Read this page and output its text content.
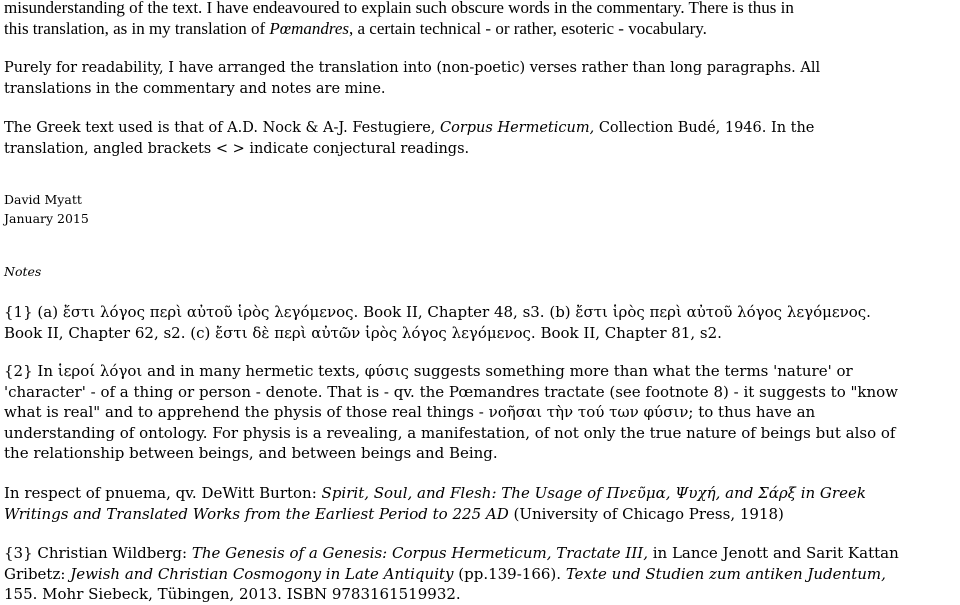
misunderstanding of the text. I have endeavoured to explain such obscure words in the commentary. There is thus in
this translation, as in my translation of Pœmandres, a certain technical - or rather, esoteric - vocabulary.
Purely for readability, I have arranged the translation into (non-poetic) verses rather than long paragraphs. All
translations in the commentary and notes are mine.
The Greek text used is that of A.D. Nock & A-J. Festugiere, Corpus Hermeticum, Collection Budé, 1946. In the
translation, angled brackets < > indicate conjectural readings.
David Myatt
January 2015
Notes
{1} (a) ἔστι λόγος περὶ αὐτοῦ ἱρὸς λεγόμενος. Book II, Chapter 48, s3. (b) ἔστι ἱρὸς περὶ αὐτοῦ λόγος λεγόμενος.
Book II, Chapter 62, s2. (c) ἔστι δὲ περὶ αὐτῶν ἱρὸς λόγος λεγόμενος. Book II, Chapter 81, s2.
{2} In ἱεροί λόγοι and in many hermetic texts, φύσις suggests something more than what the terms 'nature' or
'character' - of a thing or person - denote. That is - qv. the Pœmandres tractate (see footnote 8) - it suggests to "know
what is real" and to apprehend the physis of those real things - νοῆσαι τὴν τού των φύσιν; to thus have an
understanding of ontology. For physis is a revealing, a manifestation, of not only the true nature of beings but also of
the relationship between beings, and between beings and Being.
In respect of pnuema, qv. DeWitt Burton: Spirit, Soul, and Flesh: The Usage of Πνεῦμα, Ψυχή, and Σάρξ in Greek
Writings and Translated Works from the Earliest Period to 225 AD (University of Chicago Press, 1918)
{3} Christian Wildberg: The Genesis of a Genesis: Corpus Hermeticum, Tractate III, in Lance Jenott and Sarit Kattan
Gribetz: Jewish and Christian Cosmogony in Late Antiquity (pp.139-166). Texte und Studien zum antiken Judentum,
155. Mohr Siebeck, Tübingen, 2013. ISBN 9783161519932.
